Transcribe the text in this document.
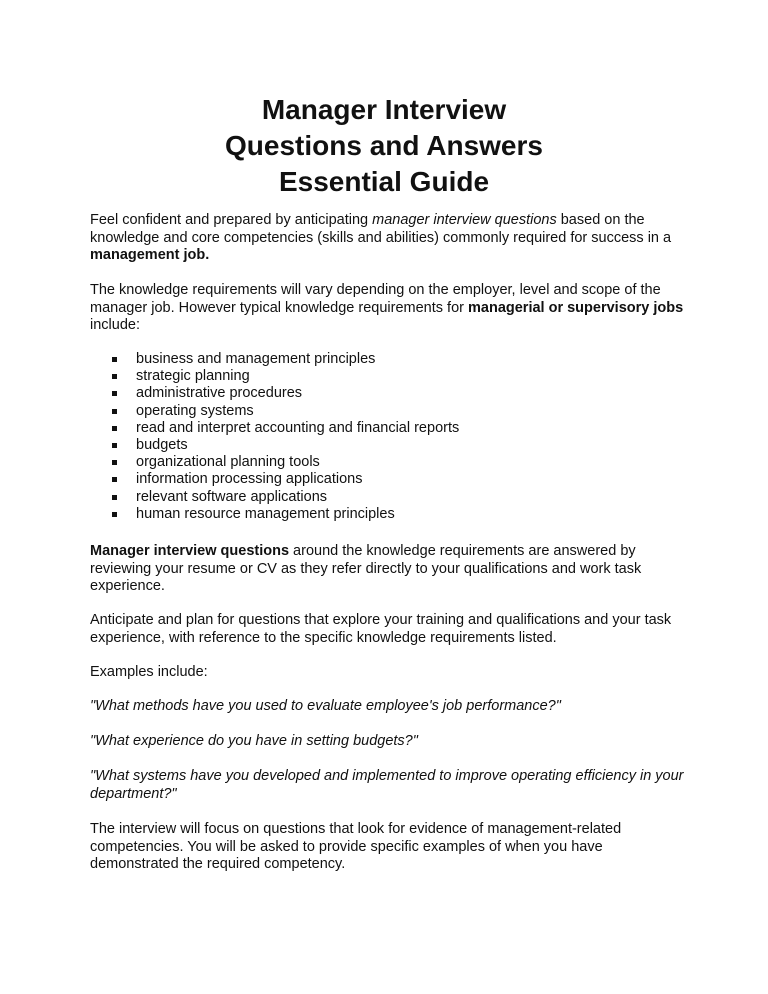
Manager Interview
Questions and Answers
Essential Guide

Feel confident and prepared by anticipating manager interview questions based on the knowledge and core competencies (skills and abilities) commonly required for success in a management job.

The knowledge requirements will vary depending on the employer, level and scope of the manager job. However typical knowledge requirements for managerial or supervisory jobs include:

business and management principles
strategic planning
administrative procedures
operating systems
read and interpret accounting and financial reports
budgets
organizational planning tools
information processing applications
relevant software applications
human resource management principles

Manager interview questions around the knowledge requirements are answered by reviewing your resume or CV as they refer directly to your qualifications and work task experience.

Anticipate and plan for questions that explore your training and qualifications and your task experience, with reference to the specific knowledge requirements listed.

Examples include:

"What methods have you used to evaluate employee's job performance?"

"What experience do you have in setting budgets?"

"What systems have you developed and implemented to improve operating efficiency in your department?"

The interview will focus on questions that look for evidence of management-related competencies. You will be asked to provide specific examples of when you have demonstrated the required competency.
